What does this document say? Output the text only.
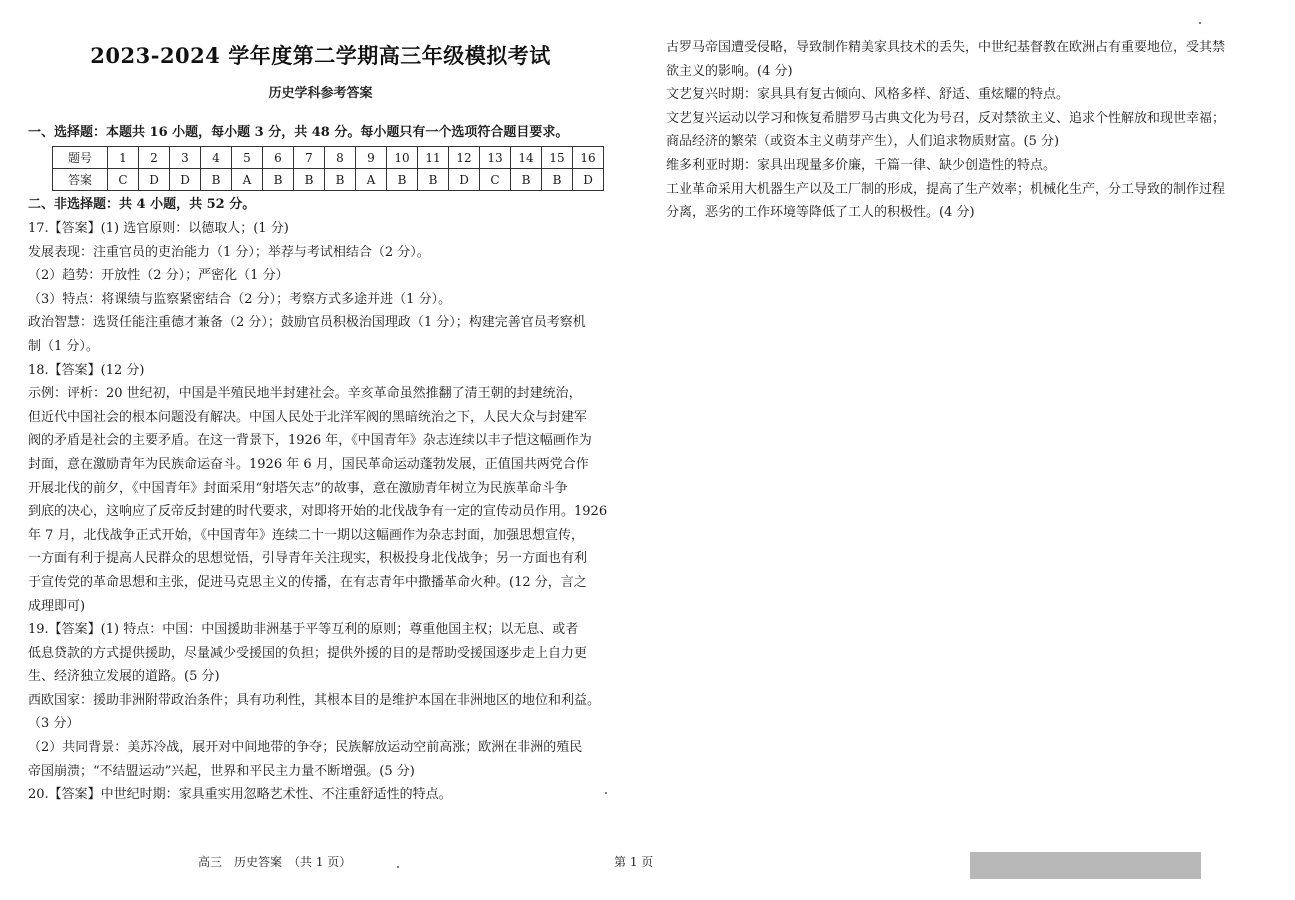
2023-2024 学年度第二学期高三年级模拟考试
历史学科参考答案
一、选择题：本题共 16 小题，每小题 3 分，共 48 分。每小题只有一个选项符合题目要求。
题号	1	2	3	4	5	6	7	8	9	10	11	12	13	14	15	16
答案	C	D	D	B	A	B	B	B	A	B	B	D	C	B	B	D
二、非选择题：共 4 小题，共 52 分。

17.【答案】(1) 选官原则：以德取人；(1 分)

发展表现：注重官员的吏治能力（1 分）；举荐与考试相结合（2 分）。

（2）趋势：开放性（2 分）；严密化（1 分）

（3）特点：将课绩与监察紧密结合（2 分）；考察方式多途并进（1 分）。

政治智慧：选贤任能注重德才兼备（2 分）；鼓励官员积极治国理政（1 分）；构建完善官员考察机

制（1 分）。

18.【答案】(12 分)

示例：评析：20 世纪初，中国是半殖民地半封建社会。辛亥革命虽然推翻了清王朝的封建统治，

但近代中国社会的根本问题没有解决。中国人民处于北洋军阀的黑暗统治之下，人民大众与封建军

阀的矛盾是社会的主要矛盾。在这一背景下，1926 年，《中国青年》杂志连续以丰子恺这幅画作为

封面，意在激励青年为民族命运奋斗。1926 年 6 月，国民革命运动蓬勃发展，正值国共两党合作

开展北伐的前夕，《中国青年》封面采用“射塔矢志”的故事，意在激励青年树立为民族革命斗争

到底的决心，这响应了反帝反封建的时代要求，对即将开始的北伐战争有一定的宣传动员作用。1926

年 7 月，北伐战争正式开始，《中国青年》连续二十一期以这幅画作为杂志封面，加强思想宣传，

一方面有利于提高人民群众的思想觉悟，引导青年关注现实，积极投身北伐战争；另一方面也有利

于宣传党的革命思想和主张，促进马克思主义的传播，在有志青年中撒播革命火种。(12 分，言之

成理即可)

19.【答案】(1) 特点：中国：中国援助非洲基于平等互利的原则；尊重他国主权；以无息、或者

低息贷款的方式提供援助，尽量减少受援国的负担；提供外援的目的是帮助受援国逐步走上自力更

生、经济独立发展的道路。(5 分)

西欧国家：援助非洲附带政治条件；具有功利性，其根本目的是维护本国在非洲地区的地位和利益。

（3 分）

（2）共同背景：美苏冷战，展开对中间地带的争夺；民族解放运动空前高涨；欧洲在非洲的殖民

帝国崩溃；“不结盟运动”兴起，世界和平民主力量不断增强。(5 分)

20.【答案】中世纪时期：家具重实用忽略艺术性、不注重舒适性的特点。

古罗马帝国遭受侵略，导致制作精美家具技术的丢失，中世纪基督教在欧洲占有重要地位，受其禁

欲主义的影响。(4 分)

文艺复兴时期：家具具有复古倾向、风格多样、舒适、重炫耀的特点。

文艺复兴运动以学习和恢复希腊罗马古典文化为号召，反对禁欲主义、追求个性解放和现世幸福；

商品经济的繁荣（或资本主义萌芽产生），人们追求物质财富。(5 分)

维多利亚时期：家具出现量多价廉，千篇一律、缺少创造性的特点。

工业革命采用大机器生产以及工厂制的形成，提高了生产效率；机械化生产，分工导致的制作过程

分离，恶劣的工作环境等降低了工人的积极性。(4 分)

高三　历史答案　（共 1 页）	第 1 页
